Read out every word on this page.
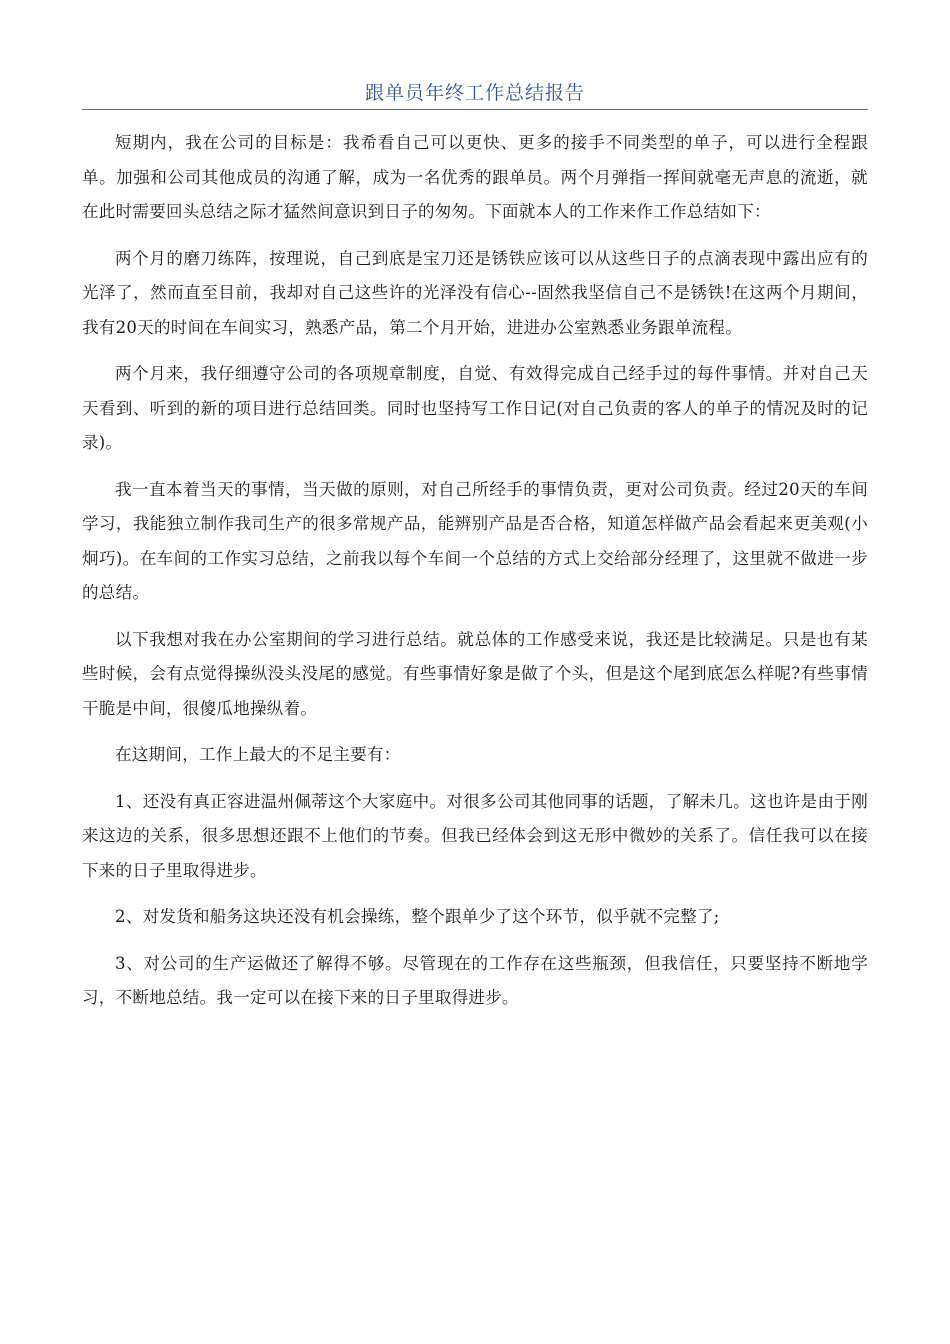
跟单员年终工作总结报告

短期内，我在公司的目标是：我希看自己可以更快、更多的接手不同类型的单子，可以进行全程跟单。加强和公司其他成员的沟通了解，成为一名优秀的跟单员。两个月弹指一挥间就毫无声息的流逝，就在此时需要回头总结之际才猛然间意识到日子的匆匆。下面就本人的工作来作工作总结如下：

两个月的磨刀练阵，按理说，自己到底是宝刀还是锈铁应该可以从这些日子的点滴表现中露出应有的光泽了，然而直至目前，我却对自己这些许的光泽没有信心--固然我坚信自己不是锈铁!在这两个月期间，我有20天的时间在车间实习，熟悉产品，第二个月开始，进进办公室熟悉业务跟单流程。

两个月来，我仔细遵守公司的各项规章制度，自觉、有效得完成自己经手过的每件事情。并对自己天天看到、听到的新的项目进行总结回类。同时也坚持写工作日记(对自己负责的客人的单子的情况及时的记录)。

我一直本着当天的事情，当天做的原则，对自己所经手的事情负责，更对公司负责。经过20天的车间学习，我能独立制作我司生产的很多常规产品，能辨别产品是否合格，知道怎样做产品会看起来更美观(小炯巧)。在车间的工作实习总结，之前我以每个车间一个总结的方式上交给部分经理了，这里就不做进一步的总结。

以下我想对我在办公室期间的学习进行总结。就总体的工作感受来说，我还是比较满足。只是也有某些时候，会有点觉得操纵没头没尾的感觉。有些事情好象是做了个头，但是这个尾到底怎么样呢?有些事情干脆是中间，很傻瓜地操纵着。

在这期间，工作上最大的不足主要有：

1、还没有真正容进温州佩蒂这个大家庭中。对很多公司其他同事的话题，了解未几。这也许是由于刚来这边的关系，很多思想还跟不上他们的节奏。但我已经体会到这无形中微妙的关系了。信任我可以在接下来的日子里取得进步。

2、对发货和船务这块还没有机会操练，整个跟单少了这个环节，似乎就不完整了;

3、对公司的生产运做还了解得不够。尽管现在的工作存在这些瓶颈，但我信任，只要坚持不断地学习，不断地总结。我一定可以在接下来的日子里取得进步。
